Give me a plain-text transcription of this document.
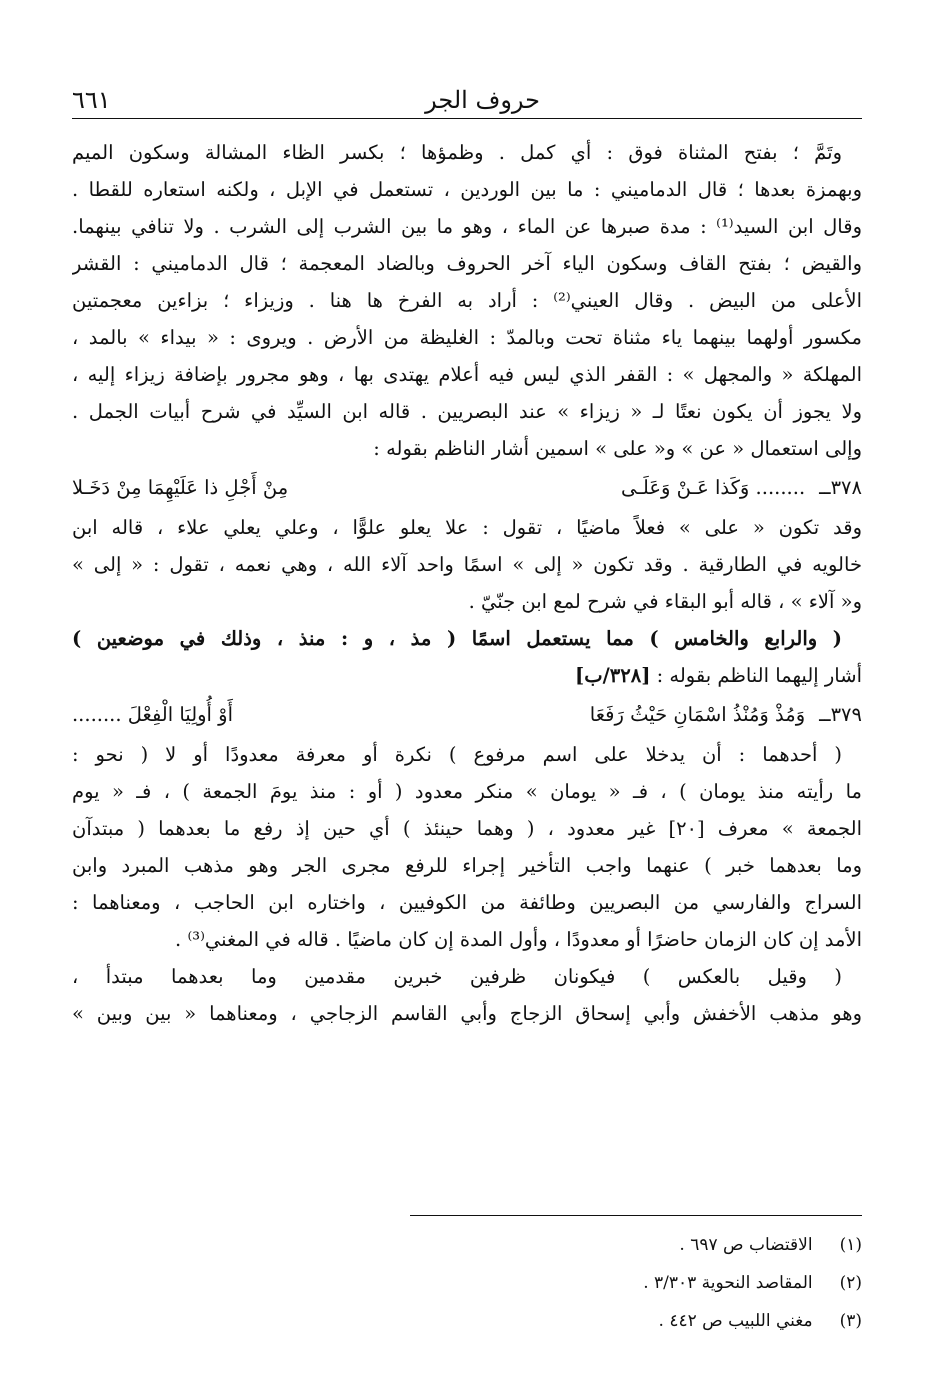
حروف الجر
٦٦١
وتَمَّ ؛ بفتح المثناة فوق : أي كمل . وظمؤها ؛ بكسر الظاء المشالة وسكون الميم
وبهمزة بعدها ؛ قال الدماميني : ما بين الوردين ، تستعمل في الإبل ، ولكنه استعاره للقطا .
وقال ابن السيد⁽¹⁾ : مدة صبرها عن الماء ، وهو ما بين الشرب إلى الشرب . ولا تنافي بينهما.
والقيض ؛ بفتح القاف وسكون الياء آخر الحروف وبالضاد المعجمة ؛ قال الدماميني : القشر
الأعلى من البيض . وقال العيني⁽²⁾ : أراد به الفرخ ها هنا . وزيزاء ؛ بزاءين معجمتين
مكسور أولهما بينهما ياء مثناة تحت وبالمدّ : الغليظة من الأرض . ويروى : « بيداء » بالمد ،
المهلكة « والمجهل » : القفر الذي ليس فيه أعلام يهتدى بها ، وهو مجرور بإضافة زيزاء إليه ،
ولا يجوز أن يكون نعتًا لـ « زيزاء » عند البصريين . قاله ابن السيِّد في شرح أبيات الجمل .
وإلى استعمال « عن » و« على » اسمين أشار الناظم بقوله :
٣٧٨ــ
........ وَكَذا عَـنْ وَعَلَـى
مِنْ أَجْلِ ذا عَلَيْهِمَا مِنْ دَخَـلا
وقد تكون « على » فعلاً ماضيًا ، تقول : علا يعلو علوًّا ، وعلي يعلي علاء ، قاله ابن
خالويه في الطارقية . وقد تكون « إلى » اسمًا واحد آلاء الله ، وهي نعمه ، تقول : « إلى »
و« آلاء » ، قاله أبو البقاء في شرح لمع ابن جنّيّ .
( والرابع والخامس ) مما يستعمل اسمًا ( مذ ، و : منذ ، وذلك في موضعين )
أشار إليهما الناظم بقوله : [٣٢٨/ب]
٣٧٩ــ
وَمُذْ وَمُنْذُ اسْمَانِ حَيْثُ رَفَعَا
أَوْ أُولِيَا الْفِعْلَ ........
( أحدهما : أن يدخلا على اسم مرفوع ) نكرة أو معرفة معدودًا أو لا ( نحو :
ما رأيته منذ يومان ) ، فـ « يومان » منكر معدود ( أو : منذ يومَ الجمعة ) ، فـ « يوم
الجمعة » معرف [٢٠] غير معدود ، ( وهما حينئذ ) أي حين إذ رفع ما بعدهما ( مبتدآن
وما بعدهما خبر ) عنهما واجب التأخير إجراء للرفع مجرى الجر وهو مذهب المبرد وابن
السراج والفارسي من البصريين وطائفة من الكوفيين ، واختاره ابن الحاجب ، ومعناهما :
الأمد إن كان الزمان حاضرًا أو معدودًا ، وأول المدة إن كان ماضيًا . قاله في المغني⁽³⁾ .
( وقيل بالعكس ) فيكونان ظرفين خبرين مقدمين وما بعدهما مبتدأ ،
وهو مذهب الأخفش وأبي إسحاق الزجاج وأبي القاسم الزجاجي ، ومعناهما « بين وبين »
(١) الاقتضاب ص ٦٩٧ .
(٢) المقاصد النحوية ٣/٣٠٣ .
(٣) مغني اللبيب ص ٤٤٢ .
